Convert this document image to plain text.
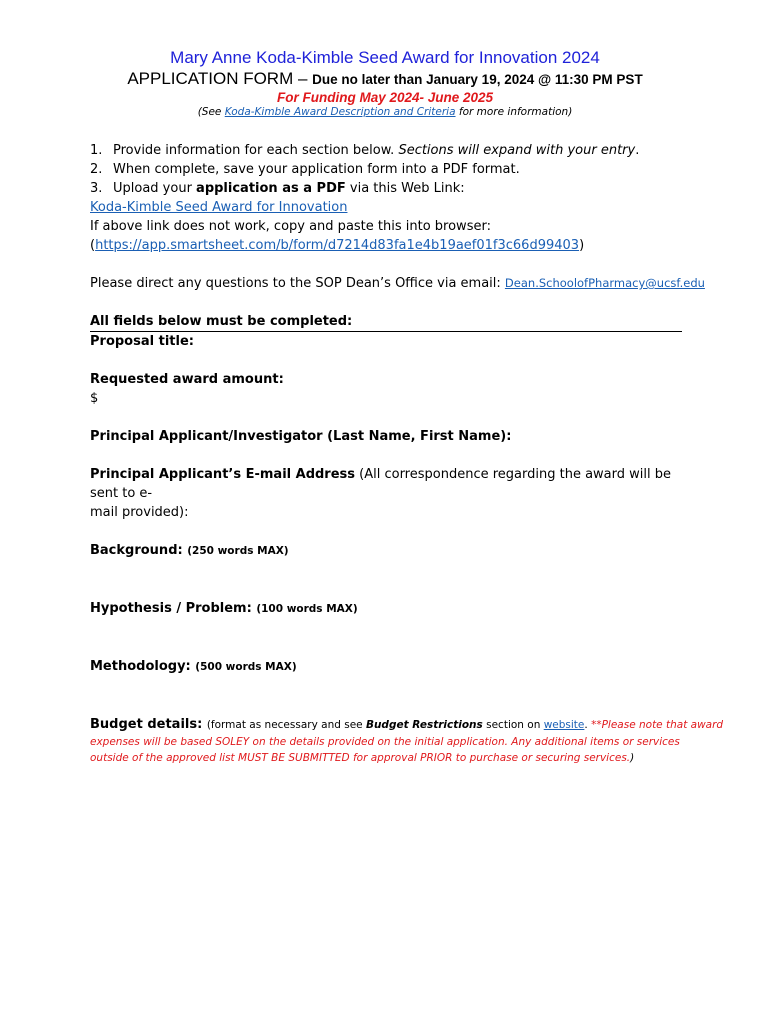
Mary Anne Koda-Kimble Seed Award for Innovation 2024
APPLICATION FORM – Due no later than January 19, 2024 @ 11:30 PM PST
For Funding May 2024- June 2025
(See Koda-Kimble Award Description and Criteria for more information)
1. Provide information for each section below. Sections will expand with your entry.
2. When complete, save your application form into a PDF format.
3. Upload your application as a PDF via this Web Link:
Koda-Kimble Seed Award for Innovation
If above link does not work, copy and paste this into browser:
(https://app.smartsheet.com/b/form/d7214d83fa1e4b19aef01f3c66d99403)
Please direct any questions to the SOP Dean’s Office via email: Dean.SchoolofPharmacy@ucsf.edu
All fields below must be completed:
Proposal title:
Requested award amount:
$
Principal Applicant/Investigator (Last Name, First Name):
Principal Applicant’s E-mail Address (All correspondence regarding the award will be sent to e-
mail provided):
Background: (250 words MAX)
Hypothesis / Problem: (100 words MAX)
Methodology: (500 words MAX)
Budget details: (format as necessary and see Budget Restrictions section on website. **Please note that award
expenses will be based SOLEY on the details provided on the initial application. Any additional items or services
outside of the approved list MUST BE SUBMITTED for approval PRIOR to purchase or securing services.)
